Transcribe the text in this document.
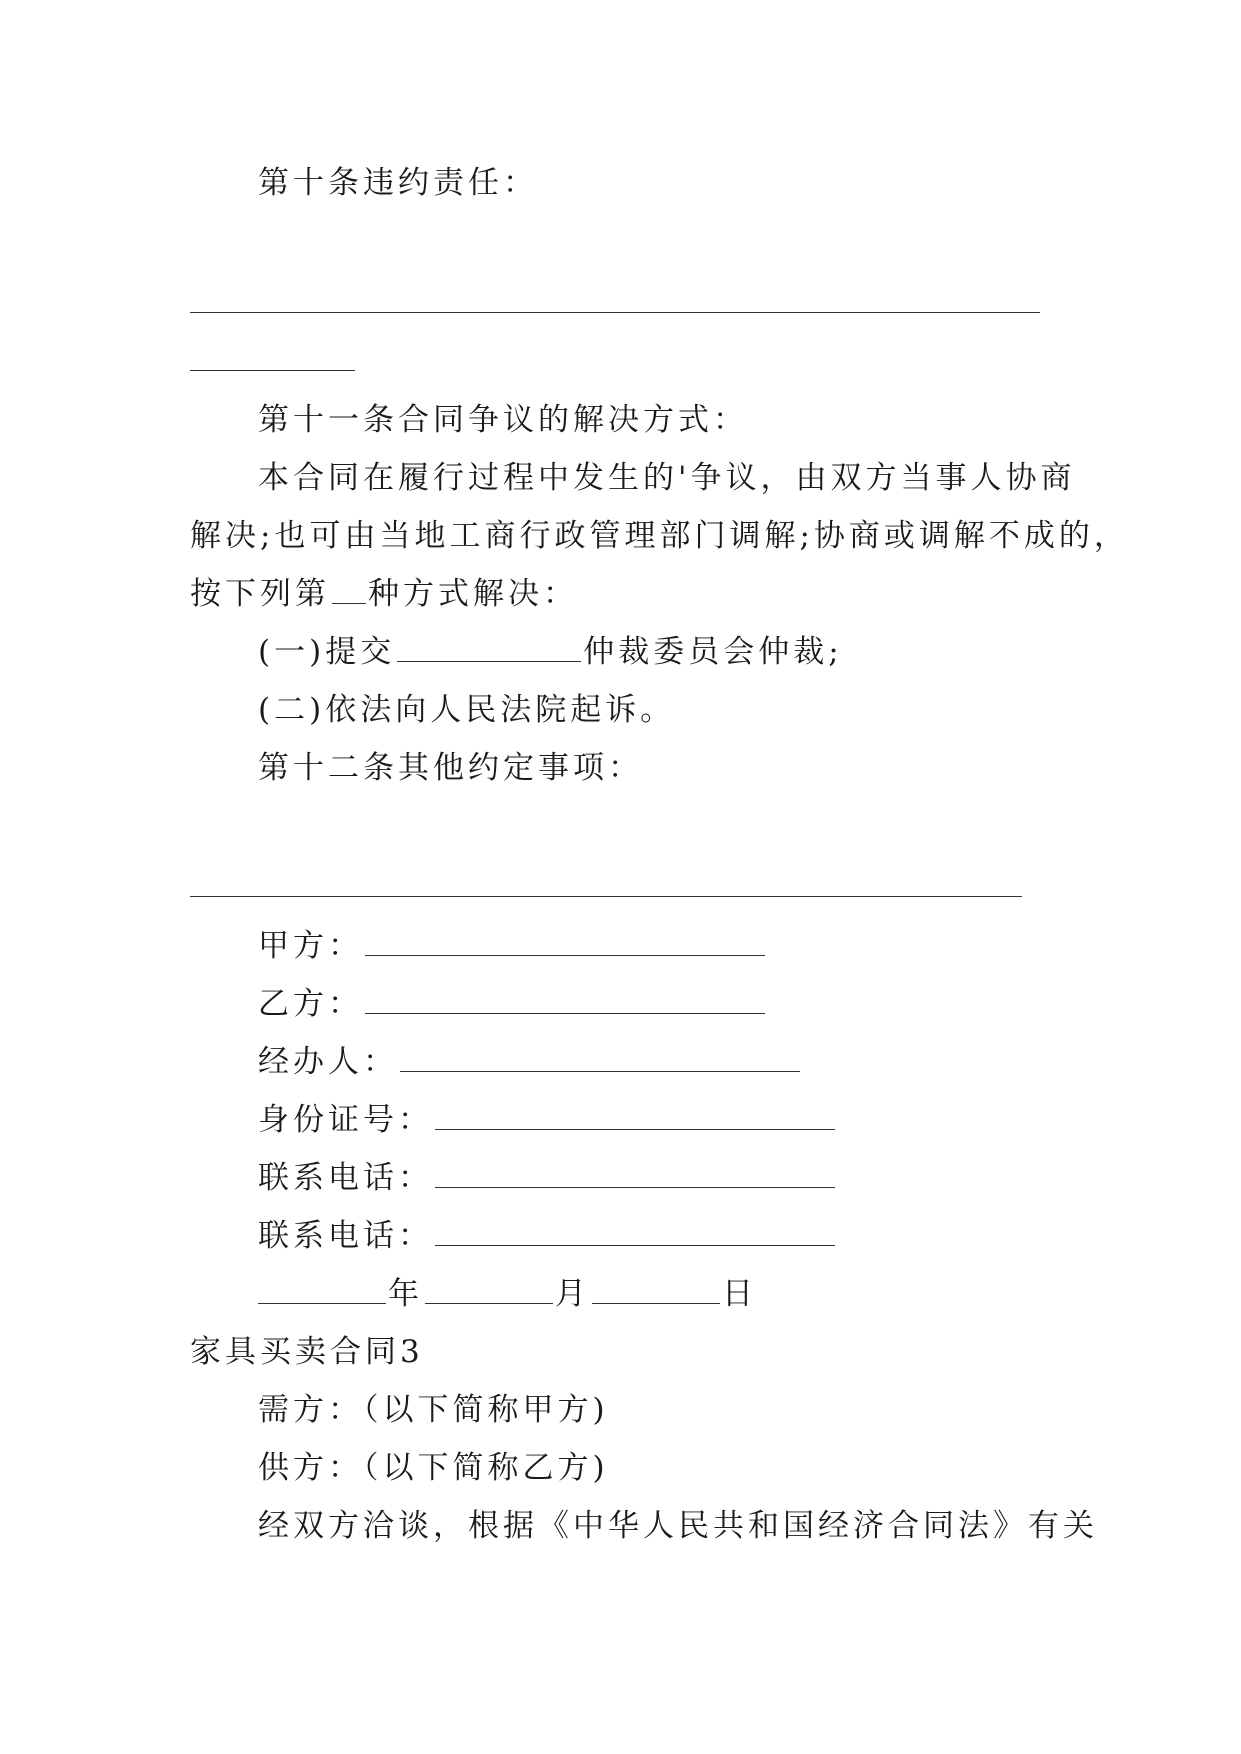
第十条违约责任：

第十一条合同争议的解决方式：

本合同在履行过程中发生的'争议，由双方当事人协商

解决;也可由当地工商行政管理部门调解;协商或调解不成的，

按下列第 种方式解决：

(一)提交	仲裁委员会仲裁;

(二)依法向人民法院起诉。

第十二条其他约定事项：

甲方：

乙方：

经办人：

身份证号：

联系电话：

联系电话：

年	月	日

家具买卖合同3

需方：（以下简称甲方)

供方：（以下简称乙方)

经双方洽谈，根据《中华人民共和国经济合同法》有关
